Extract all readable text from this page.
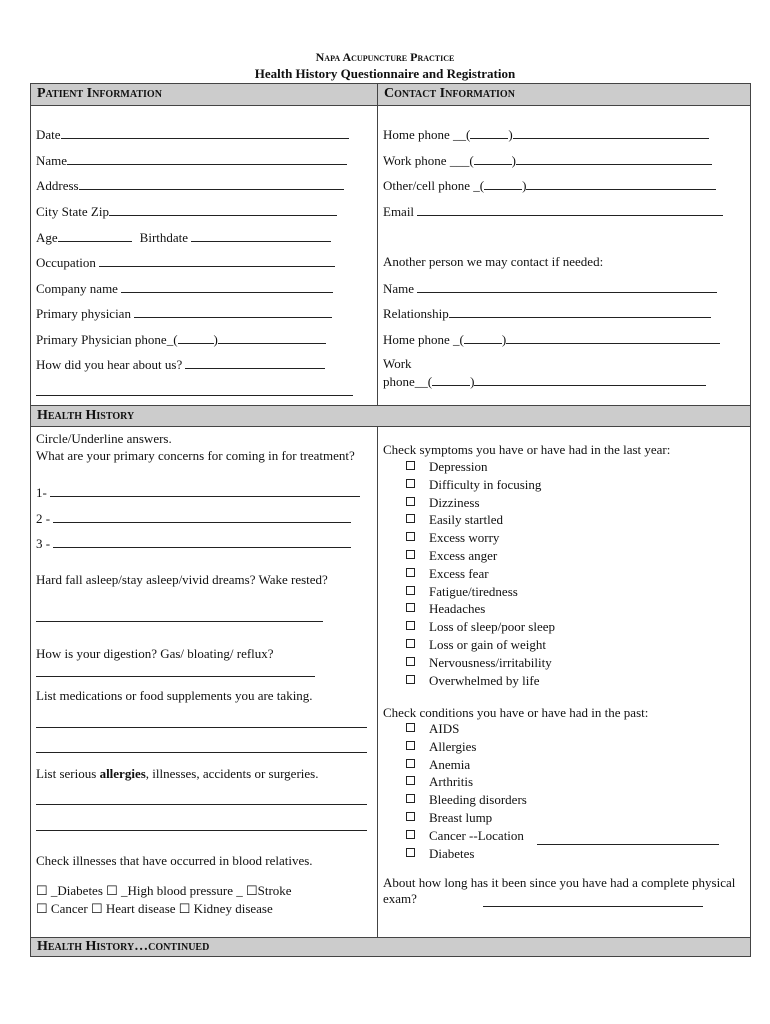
Napa Acupuncture Practice
Health History Questionnaire and Registration
Patient Information	Contact Information
Date
Name
Address
City State Zip
Age	Birthdate
Occupation
Company name
Primary physician
Primary Physician phone_(	)
How did you hear about us?
Home phone __(	)
Work phone ___(	)
Other/cell phone _(	)
Email
Another person we may contact if needed:
Name
Relationship
Home phone _(	)
Work
phone__(	)
Health History
Circle/Underline answers.
What are your primary concerns for coming in for treatment?
1-
2 -
3 -
Hard fall asleep/stay asleep/vivid dreams? Wake rested?
How is your digestion? Gas/ bloating/ reflux?
List medications or food supplements you are taking.
List serious allergies, illnesses, accidents or surgeries.
Check illnesses that have occurred in blood relatives.
☐ _Diabetes ☐ _High blood pressure _ ☐Stroke
☐ Cancer ☐ Heart disease ☐ Kidney disease
Check symptoms you have or have had in the last year:
Depression
Difficulty in focusing
Dizziness
Easily startled
Excess worry
Excess anger
Excess fear
Fatigue/tiredness
Headaches
Loss of sleep/poor sleep
Loss or gain of weight
Nervousness/irritability
Overwhelmed by life
Check conditions you have or have had in the past:
AIDS
Allergies
Anemia
Arthritis
Bleeding disorders
Breast lump
Cancer --Location
Diabetes
About how long has it been since you have had a complete physical exam?
Health History…continued
